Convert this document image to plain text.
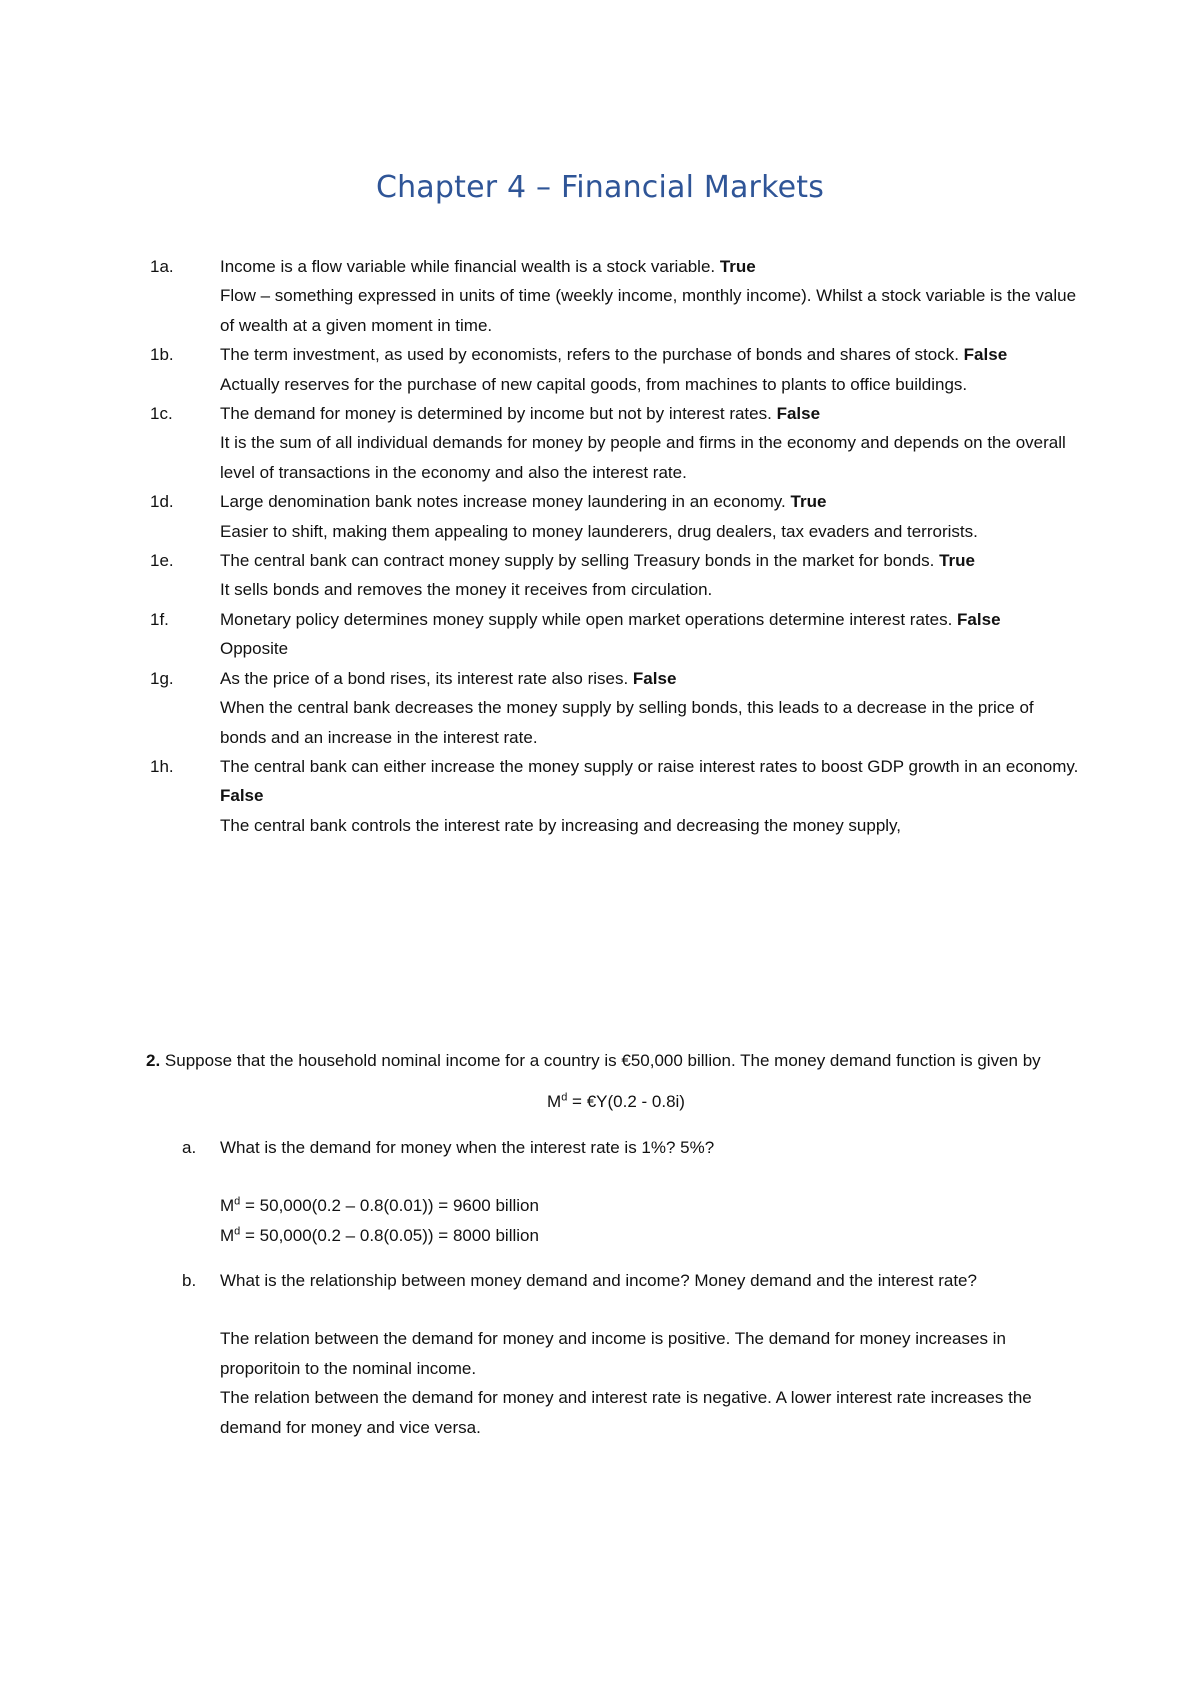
Chapter 4 – Financial Markets
1a.	Income is a flow variable while financial wealth is a stock variable. True
Flow – something expressed in units of time (weekly income, monthly income). Whilst a stock variable is the value of wealth at a given moment in time.
1b.	The term investment, as used by economists, refers to the purchase of bonds and shares of stock. False
Actually reserves for the purchase of new capital goods, from machines to plants to office buildings.
1c.	The demand for money is determined by income but not by interest rates. False
It is the sum of all individual demands for money by people and firms in the economy and depends on the overall level of transactions in the economy and also the interest rate.
1d.	Large denomination bank notes increase money laundering in an economy. True
Easier to shift, making them appealing to money launderers, drug dealers, tax evaders and terrorists.
1e.	The central bank can contract money supply by selling Treasury bonds in the market for bonds. True
It sells bonds and removes the money it receives from circulation.
1f.	Monetary policy determines money supply while open market operations determine interest rates. False
Opposite
1g.	As the price of a bond rises, its interest rate also rises. False
When the central bank decreases the money supply by selling bonds, this leads to a decrease in the price of bonds and an increase in the interest rate.
1h.	The central bank can either increase the money supply or raise interest rates to boost GDP growth in an economy. False
The central bank controls the interest rate by increasing and decreasing the money supply,
2. Suppose that the household nominal income for a country is €50,000 billion. The money demand function is given by
$M^d$ = €Y(0.2 - 0.8i)
a. What is the demand for money when the interest rate is 1%? 5%?
$M^d = 50,000(0.2 - 0.8(0.01)) = 9600$ billion
$M^d = 50,000(0.2 - 0.8(0.05)) = 8000$ billion
b. What is the relationship between money demand and income? Money demand and the interest rate?
The relation between the demand for money and income is positive. The demand for money increases in proporitoin to the nominal income.
The relation between the demand for money and interest rate is negative. A lower interest rate increases the demand for money and vice versa.
